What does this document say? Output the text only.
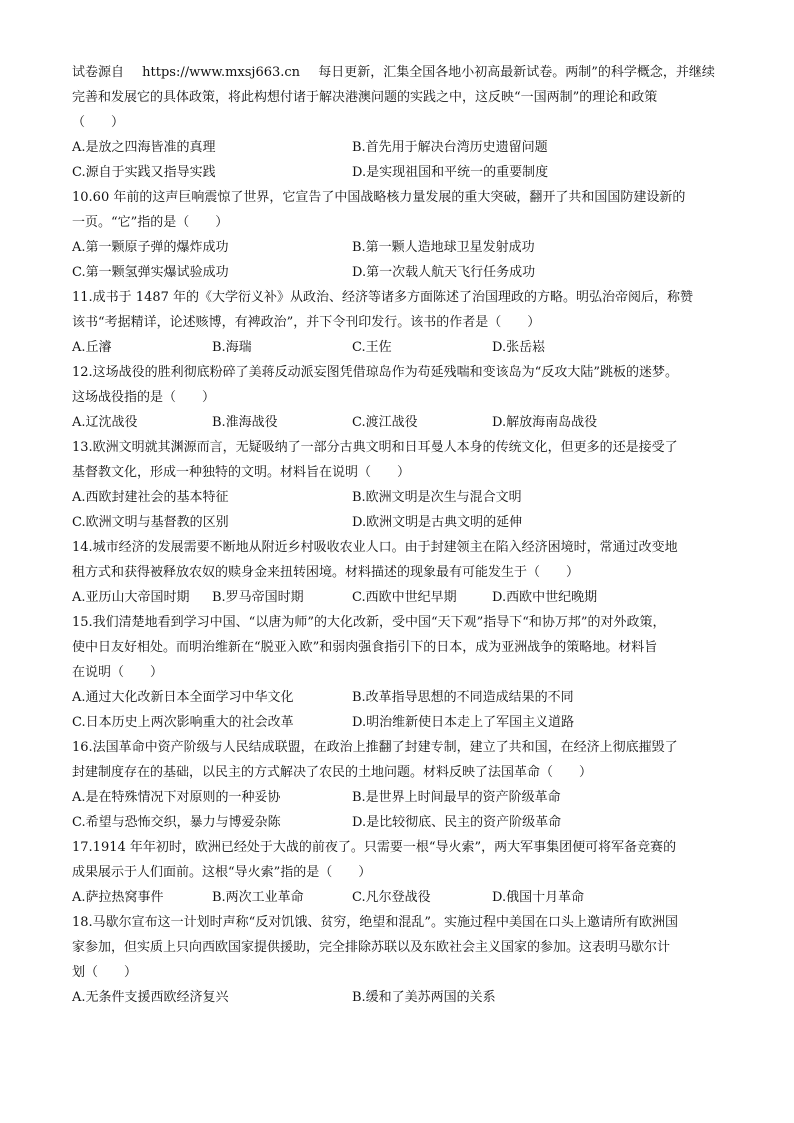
试卷源自 https://www.mxsj663.cn 每日更新，汇集全国各地小初高最新试卷。两制”的科学概念，并继续
完善和发展它的具体政策，将此构想付诸于解决港澳问题的实践之中，这反映“一国两制”的理论和政策
（　　）
A.是放之四海皆准的真理	B.首先用于解决台湾历史遗留问题
C.源自于实践又指导实践	D.是实现祖国和平统一的重要制度
10.60 年前的这声巨响震惊了世界，它宣告了中国战略核力量发展的重大突破，翻开了共和国国防建设新的
一页。“它”指的是（　　）
A.第一颗原子弹的爆炸成功	B.第一颗人造地球卫星发射成功
C.第一颗氢弹实爆试验成功	D.第一次载人航天飞行任务成功
11.成书于 1487 年的《大学衍义补》从政治、经济等诸多方面陈述了治国理政的方略。明弘治帝阅后，称赞
该书“考据精详，论述赅博，有裨政治”，并下令刊印发行。该书的作者是（　　）
A.丘濬	B.海瑞	C.王佐	D.张岳崧
12.这场战役的胜利彻底粉碎了美蒋反动派妄图凭借琼岛作为苟延残喘和变该岛为“反攻大陆”跳板的迷梦。
这场战役指的是（　　）
A.辽沈战役	B.淮海战役	C.渡江战役	D.解放海南岛战役
13.欧洲文明就其渊源而言，无疑吸纳了一部分古典文明和日耳曼人本身的传统文化，但更多的还是接受了
基督教文化，形成一种独特的文明。材料旨在说明（　　）
A.西欧封建社会的基本特征	B.欧洲文明是次生与混合文明
C.欧洲文明与基督教的区别	D.欧洲文明是古典文明的延伸
14.城市经济的发展需要不断地从附近乡村吸收农业人口。由于封建领主在陷入经济困境时，常通过改变地
租方式和获得被释放农奴的赎身金来扭转困境。材料描述的现象最有可能发生于（　　）
A.亚历山大帝国时期	B.罗马帝国时期	C.西欧中世纪早期	D.西欧中世纪晚期
15.我们清楚地看到学习中国、“以唐为师”的大化改新，受中国“天下观”指导下“和协万邦”的对外政策，
使中日友好相处。而明治维新在“脱亚入欧”和弱肉强食指引下的日本，成为亚洲战争的策略地。材料旨
在说明（　　）
A.通过大化改新日本全面学习中华文化	B.改革指导思想的不同造成结果的不同
C.日本历史上两次影响重大的社会改革	D.明治维新使日本走上了军国主义道路
16.法国革命中资产阶级与人民结成联盟，在政治上推翻了封建专制，建立了共和国，在经济上彻底摧毁了
封建制度存在的基础，以民主的方式解决了农民的土地问题。材料反映了法国革命（　　）
A.是在特殊情况下对原则的一种妥协	B.是世界上时间最早的资产阶级革命
C.希望与恐怖交织，暴力与博爱杂陈	D.是比较彻底、民主的资产阶级革命
17.1914 年年初时，欧洲已经处于大战的前夜了。只需要一根“导火索”，两大军事集团便可将军备竞赛的
成果展示于人们面前。这根“导火索”指的是（　　）
A.萨拉热窝事件	B.两次工业革命	C.凡尔登战役	D.俄国十月革命
18.马歇尔宣布这一计划时声称“反对饥饿、贫穷，绝望和混乱”。实施过程中美国在口头上邀请所有欧洲国
家参加，但实质上只向西欧国家提供援助，完全排除苏联以及东欧社会主义国家的参加。这表明马歇尔计
划（　　）
A.无条件支援西欧经济复兴	B.缓和了美苏两国的关系
